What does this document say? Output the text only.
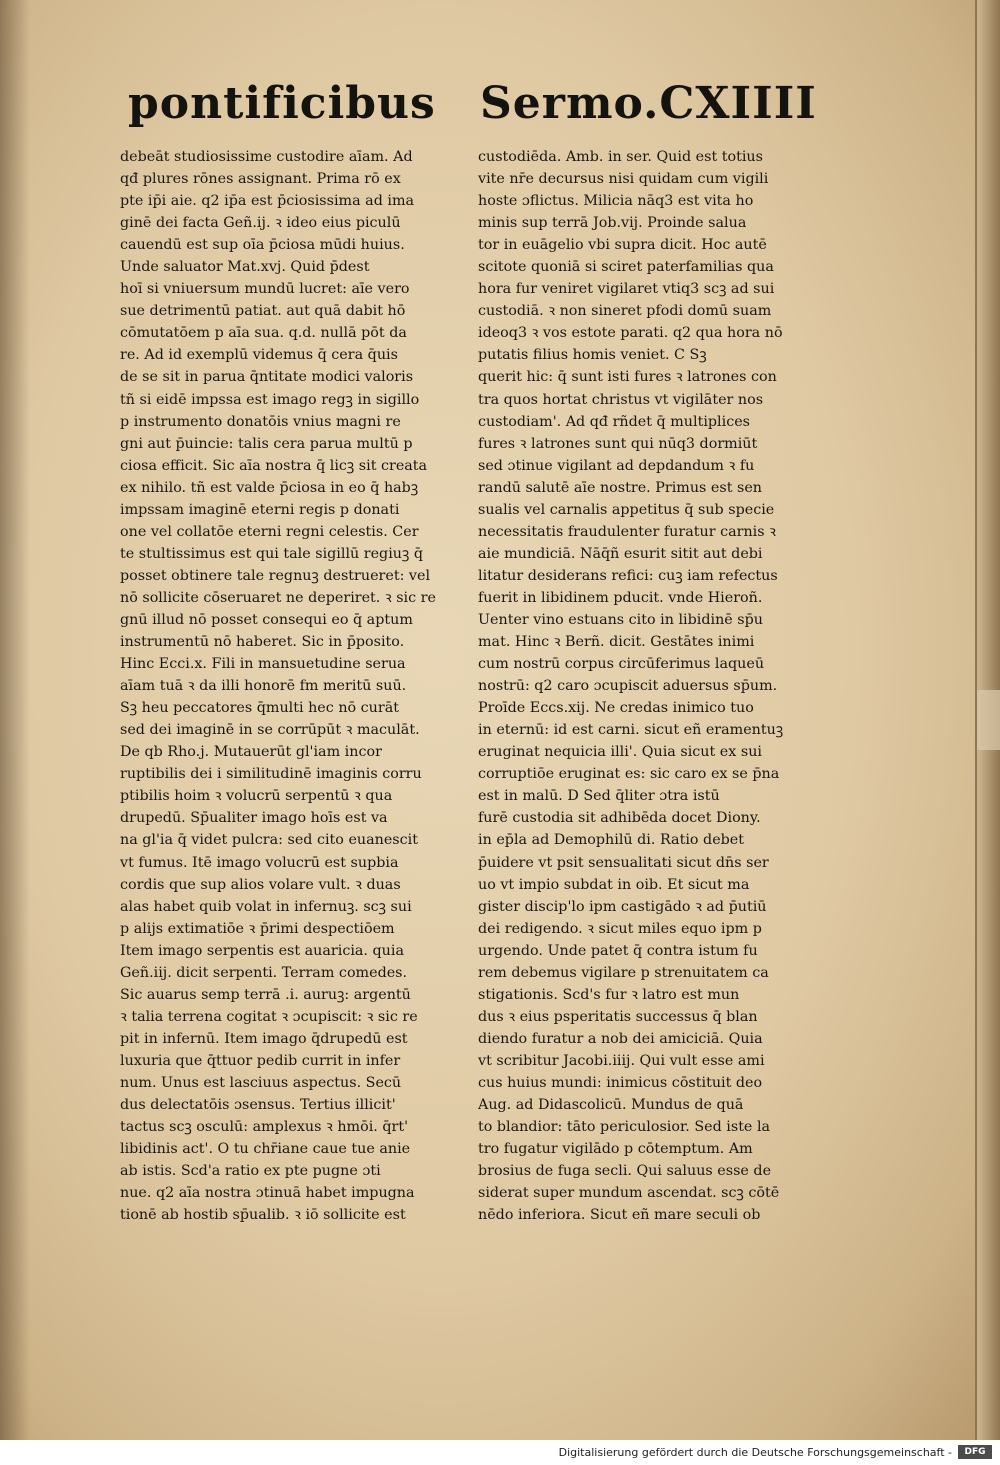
pontificibus Sermo.CXIIII
debeāt studiosissime custodire aīam. Ad
qđ plures rōnes assignant. Prima rō ex
pte ip̄i aie. q2 ip̄a est p̄ciosissima ad ima
ginē dei facta Geñ.ij. ꝛ ideo eius piculū
cauendū est sup oīa p̄ciosa mūdi huius.
Unde saluator Mat.xvj. Quid p̄dest
hoī si vniuersum mundū lucret: aīe vero
sue detrimentū patiat. aut quā dabit hō
cōmutatōem p aīa sua. q.d. nullā pōt da
re. Ad id exemplū videmus q̄ cera q̄uis
de se sit in parua q̄ntitate modici valoris
tñ si eidē impssa est imago regꝫ in sigillo
p instrumento donatōis vnius magni re
gni aut p̄uincie: talis cera parua multū p
ciosa efficit. Sic aīa nostra q̄ licꝫ sit creata
ex nihilo. tñ est valde p̄ciosa in eo q̄ habꝫ
impssam imaginē eterni regis p donati
one vel collatōe eterni regni celestis. Cer
te stultissimus est qui tale sigillū regiuꝫ q̄
posset obtinere tale regnuꝫ destrueret: vel
nō sollicite cōseruaret ne deperiret. ꝛ sic re
gnū illud nō posset consequi eo q̄ aptum
instrumentū nō haberet. Sic in p̄posito.
Hinc Ecci.x. Fili in mansuetudine serua
aīam tuā ꝛ da illi honorē fm meritū suū.
Sꝫ heu peccatores q̄multi hec nō curāt
sed dei imaginē in se corrūpūt ꝛ maculāt.
De qb Rho.j. Mutauerūt gl'iam incor
ruptibilis dei i similitudinē imaginis corru
ptibilis hoim ꝛ volucrū serpentū ꝛ qua
drupedū. Sp̄ualiter imago hoīs est va
na gl'ia q̄ videt pulcra: sed cito euanescit
vt fumus. Itē imago volucrū est supbia
cordis que sup alios volare vult. ꝛ duas
alas habet quib volat in infernuꝫ. scꝫ sui
p alijs extimatiōe ꝛ p̄rimi despectiōem
Item imago serpentis est auaricia. quia
Geñ.iij. dicit serpenti. Terram comedes.
Sic auarus semp terrā .i. auruꝫ: argentū
ꝛ talia terrena cogitat ꝛ ɔcupiscit: ꝛ sic re
pit in infernū. Item imago q̄drupedū est
luxuria que q̄ttuor pedib currit in infer
num. Unus est lasciuus aspectus. Secū
dus delectatōis ɔsensus. Tertius illicit'
tactus scꝫ osculū: amplexus ꝛ hmōi. q̄rt'
libidinis act'. O tu chr̄iane caue tue anie
ab istis. Scd'a ratio ex pte pugne ɔti
nue. q2 aīa nostra ɔtinuā habet impugna
tionē ab hostib sp̄ualib. ꝛ iō sollicite est
custodiēda. Amb. in ser. Quid est totius
vite nr̄e decursus nisi quidam cum vigili
hoste ɔflictus. Milicia nāq3 est vita ho
minis sup terrā Job.vij. Proinde salua
tor in euāgelio vbi supra dicit. Hoc autē
scitote quoniā si sciret paterfamilias qua
hora fur veniret vigilaret vtiq3 scꝫ ad sui
custodiā. ꝛ non sineret pfodi domū suam
ideoq3 ꝛ vos estote parati. q2 qua hora nō
putatis filius homis veniet. C Sꝫ
querit hic: q̄ sunt isti fures ꝛ latrones con
tra quos hortat christus vt vigilāter nos
custodiam'. Ad qđ rñdet q̄ multiplices
fures ꝛ latrones sunt qui nūq3 dormiūt
sed ɔtinue vigilant ad depdandum ꝛ fu
randū salutē aīe nostre. Primus est sen
sualis vel carnalis appetitus q̄ sub specie
necessitatis fraudulenter furatur carnis ꝛ
aie mundiciā. Nāq̄ñ esurit sitit aut debi
litatur desiderans refici: cuꝫ iam refectus
fuerit in libidinem pducit. vnde Hieroñ.
Uenter vino estuans cito in libidinē sp̄u
mat. Hinc ꝛ Berñ. dicit. Gestātes inimi
cum nostrū corpus circūferimus laqueū
nostrū: q2 caro ɔcupiscit aduersus sp̄um.
Proīde Eccs.xij. Ne credas inimico tuo
in eternū: id est carni. sicut eñ eramentuꝫ
eruginat nequicia illi'. Quia sicut ex sui
corruptiōe eruginat es: sic caro ex se p̄na
est in malū. D Sed q̄liter ɔtra istū
furē custodia sit adhibēda docet Diony.
in ep̄la ad Demophilū di. Ratio debet
p̄uidere vt psit sensualitati sicut dn̄s ser
uo vt impio subdat in oib. Et sicut ma
gister discip'lo ipm castigādo ꝛ ad p̄utiū
dei redigendo. ꝛ sicut miles equo ipm p
urgendo. Unde patet q̄ contra istum fu
rem debemus vigilare p strenuitatem ca
stigationis. Scd's fur ꝛ latro est mun
dus ꝛ eius psperitatis successus q̄ blan
diendo furatur a nob dei amiciciā. Quia
vt scribitur Jacobi.iiij. Qui vult esse ami
cus huius mundi: inimicus cōstituit deo
Aug. ad Didascolicū. Mundus de quā
to blandior: tāto periculosior. Sed iste la
tro fugatur vigilādo p cōtemptum. Am
brosius de fuga secli. Qui saluus esse de
siderat super mundum ascendat. scꝫ cōtē
nēdo inferiora. Sicut eñ mare seculi ob
Digitalisierung gefördert durch die Deutsche Forschungsgemeinschaft -	DFG
